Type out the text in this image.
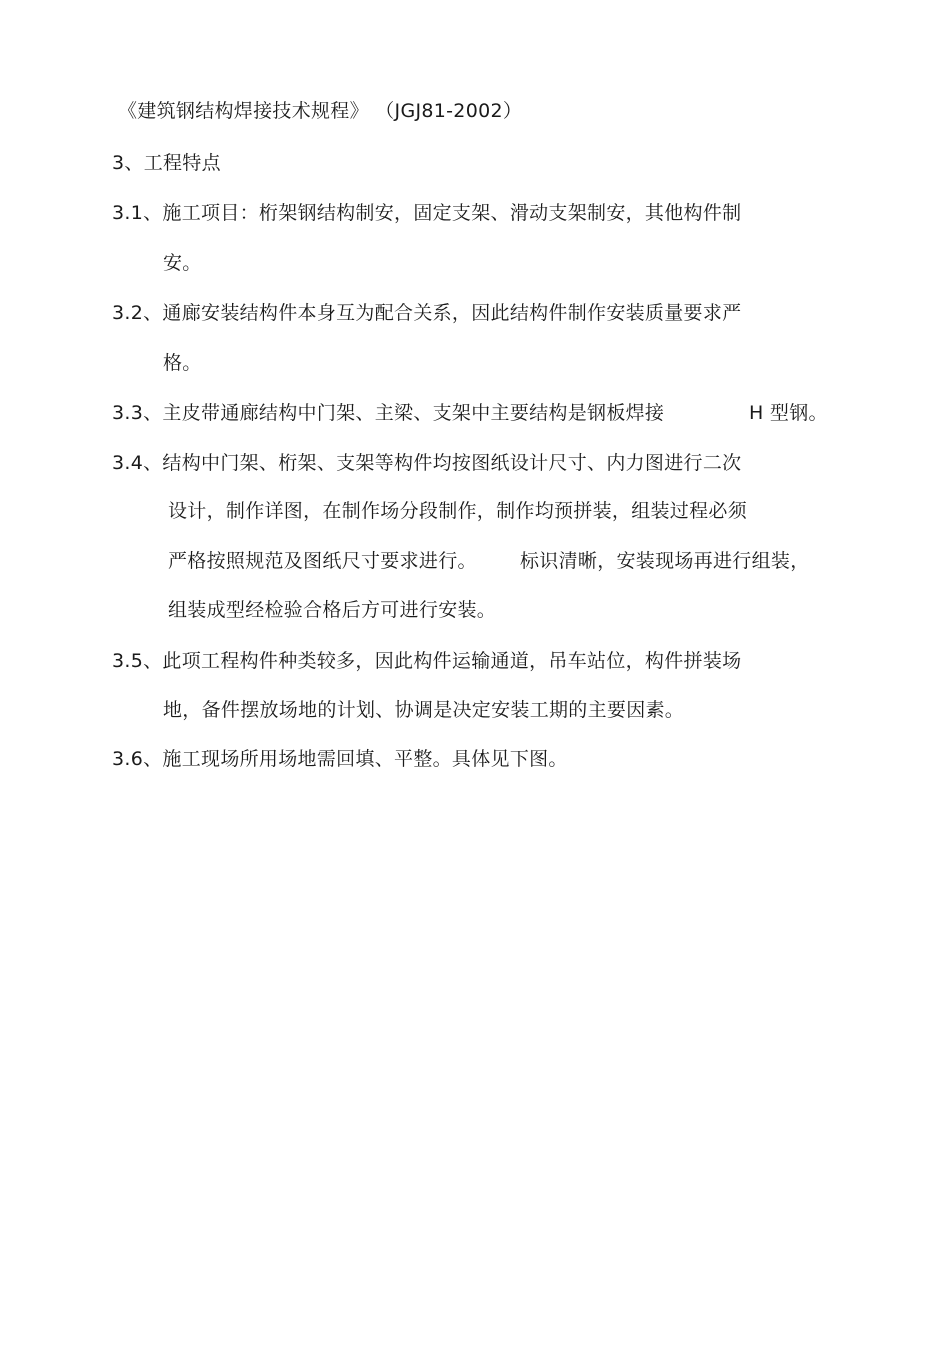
《建筑钢结构焊接技术规程》 （JGJ81-2002）
3、工程特点
3.1、施工项目：桁架钢结构制安，固定支架、滑动支架制安，其他构件制
安。
3.2、通廊安装结构件本身互为配合关系，因此结构件制作安装质量要求严
格。
3.3、主皮带通廊结构中门架、主梁、支架中主要结构是钢板焊接	H 型钢。
3.4、结构中门架、桁架、支架等构件均按图纸设计尺寸、内力图进行二次
设计，制作详图，在制作场分段制作，制作均预拼装，组装过程必须
严格按照规范及图纸尺寸要求进行。 标识清晰，安装现场再进行组装，
组装成型经检验合格后方可进行安装。
3.5、此项工程构件种类较多，因此构件运输通道，吊车站位，构件拼装场
地，备件摆放场地的计划、协调是决定安装工期的主要因素。
3.6、施工现场所用场地需回填、平整。具体见下图。
